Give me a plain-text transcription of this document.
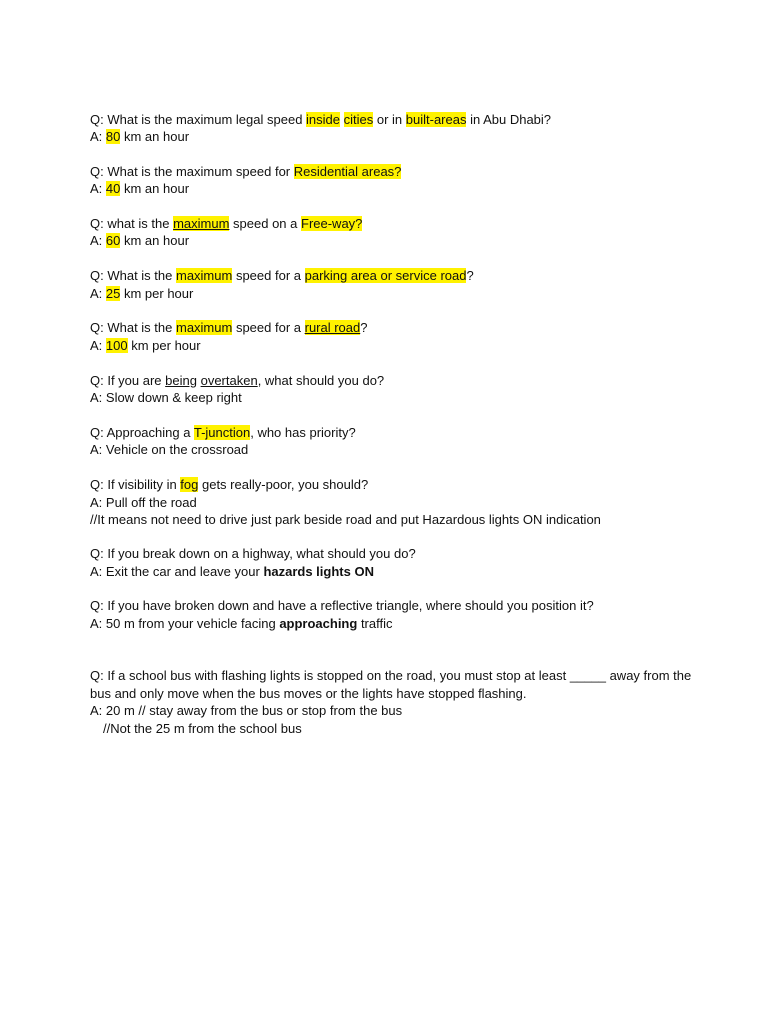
Q: What is the maximum legal speed inside cities or in built-areas in Abu Dhabi?
A: 80 km an hour
Q: What is the maximum speed for Residential areas?
A: 40 km an hour
Q: what is the maximum speed on a Free-way?
A: 60 km an hour
Q: What is the maximum speed for a parking area or service road?
A: 25 km per hour
Q: What is the maximum speed for a rural road?
A: 100 km per hour
Q: If you are being overtaken, what should you do?
A: Slow down & keep right
Q: Approaching a T-junction, who has priority?
A: Vehicle on the crossroad
Q: If visibility in fog gets really-poor, you should?
A: Pull off the road
//It means not need to drive just park beside road and put Hazardous lights ON indication
Q: If you break down on a highway, what should you do?
A: Exit the car and leave your hazards lights ON
Q: If you have broken down and have a reflective triangle, where should you position it?
A: 50 m from your vehicle facing approaching traffic
Q: If a school bus with flashing lights is stopped on the road, you must stop at least _____ away from the
bus and only move when the bus moves or the lights have stopped flashing.
A: 20 m // stay away from the bus or stop from the bus
//Not the 25 m from the school bus
